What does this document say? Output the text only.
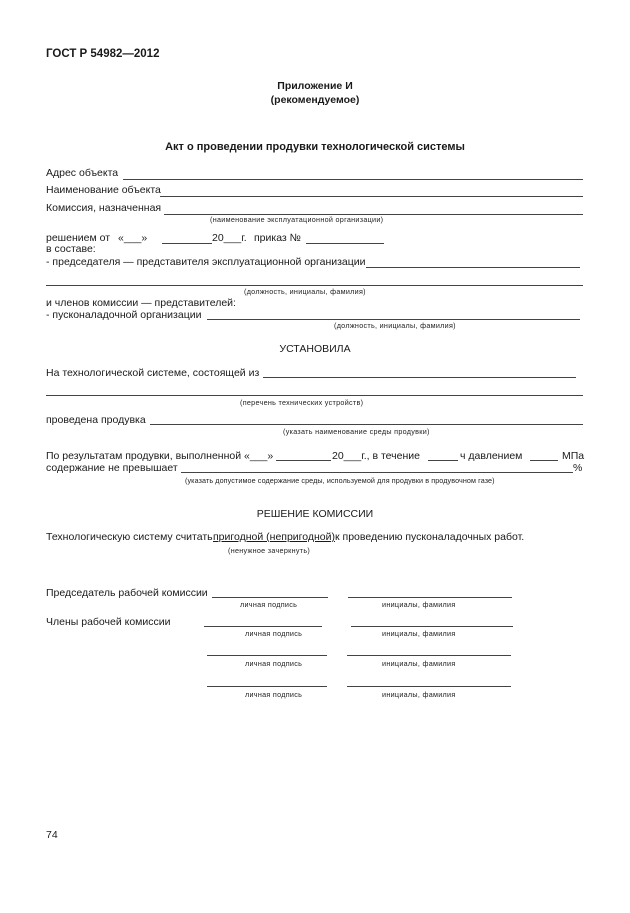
ГОСТ Р 54982—2012
Приложение И
(рекомендуемое)
Акт о проведении продувки технологической системы
Адрес объекта
Наименование объекта
Комиссия, назначенная
(наименование эксплуатационной организации)
решением от «___»	20___г. приказ №
в составе:
- председателя — представителя эксплуатационной организации
(должность, инициалы, фамилия)
и членов комиссии — представителей:
- пусконаладочной организации
(должность, инициалы, фамилия)
УСТАНОВИЛА
На технологической системе, состоящей из
(перечень технических устройств)
проведена продувка
(указать наименование среды продувки)
По результатам продувки, выполненной «___»	20___г., в течение	ч давлением	МПа
содержание не превышает	%
(указать допустимое содержание среды, используемой для продувки в продувочном газе)
РЕШЕНИЕ КОМИССИИ
Технологическую систему считать пригодной (непригодной) к проведению пусконаладочных работ.
(ненужное зачеркнуть)
Председатель рабочей комиссии
личная подпись	инициалы, фамилия
Члены рабочей комиссии
личная подпись	инициалы, фамилия
личная подпись	инициалы, фамилия
личная подпись	инициалы, фамилия
74
